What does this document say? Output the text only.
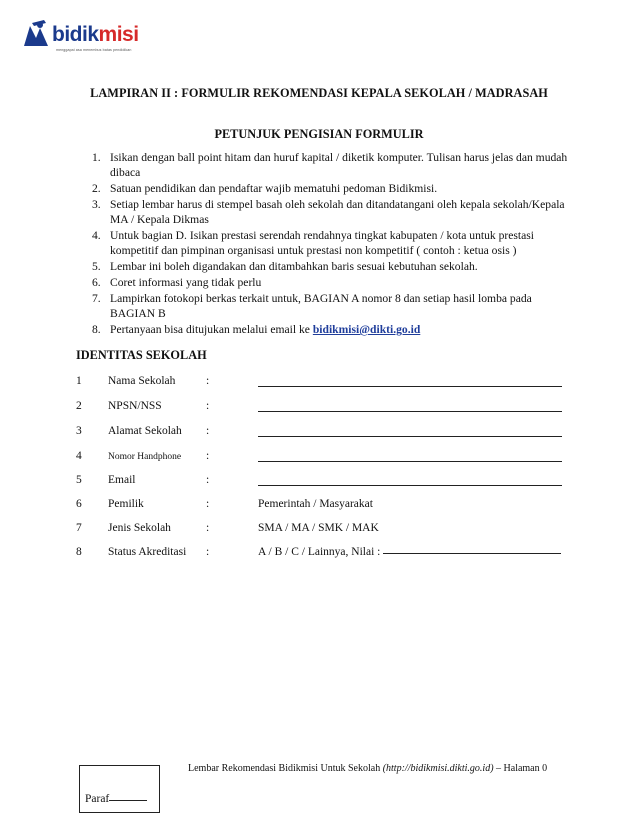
bidikmisi
menggapai asa menembus batas pendidikan
LAMPIRAN II : FORMULIR REKOMENDASI KEPALA SEKOLAH / MADRASAH
PETUNJUK PENGISIAN FORMULIR
1. Isikan dengan ball point hitam dan huruf kapital / diketik komputer. Tulisan harus jelas dan mudah dibaca
2. Satuan pendidikan dan pendaftar wajib mematuhi pedoman Bidikmisi.
3. Setiap lembar harus di stempel basah oleh sekolah dan ditandatangani oleh kepala sekolah/Kepala MA / Kepala Dikmas
4. Untuk bagian D. Isikan prestasi serendah rendahnya tingkat kabupaten / kota untuk prestasi kompetitif dan pimpinan organisasi untuk prestasi non kompetitif ( contoh : ketua osis )
5. Lembar ini boleh digandakan dan ditambahkan baris sesuai kebutuhan sekolah.
6. Coret informasi yang tidak perlu
7. Lampirkan fotokopi berkas terkait untuk, BAGIAN A nomor 8 dan setiap hasil lomba pada BAGIAN B
8. Pertanyaan bisa ditujukan melalui email ke bidikmisi@dikti.go.id
IDENTITAS SEKOLAH
1 Nama Sekolah	:
2 NPSN/NSS	:
3 Alamat Sekolah :
4	Nomor Handphone :
5 Email	:
6 Pemilik	:	Pemerintah / Masyarakat
7 Jenis Sekolah	:	SMA / MA / SMK / MAK
8 Status Akreditasi :	A / B / C / Lainnya, Nilai :
Lembar Rekomendasi Bidikmisi Untuk Sekolah (http://bidikmisi.dikti.go.id) – Halaman 0
Paraf
